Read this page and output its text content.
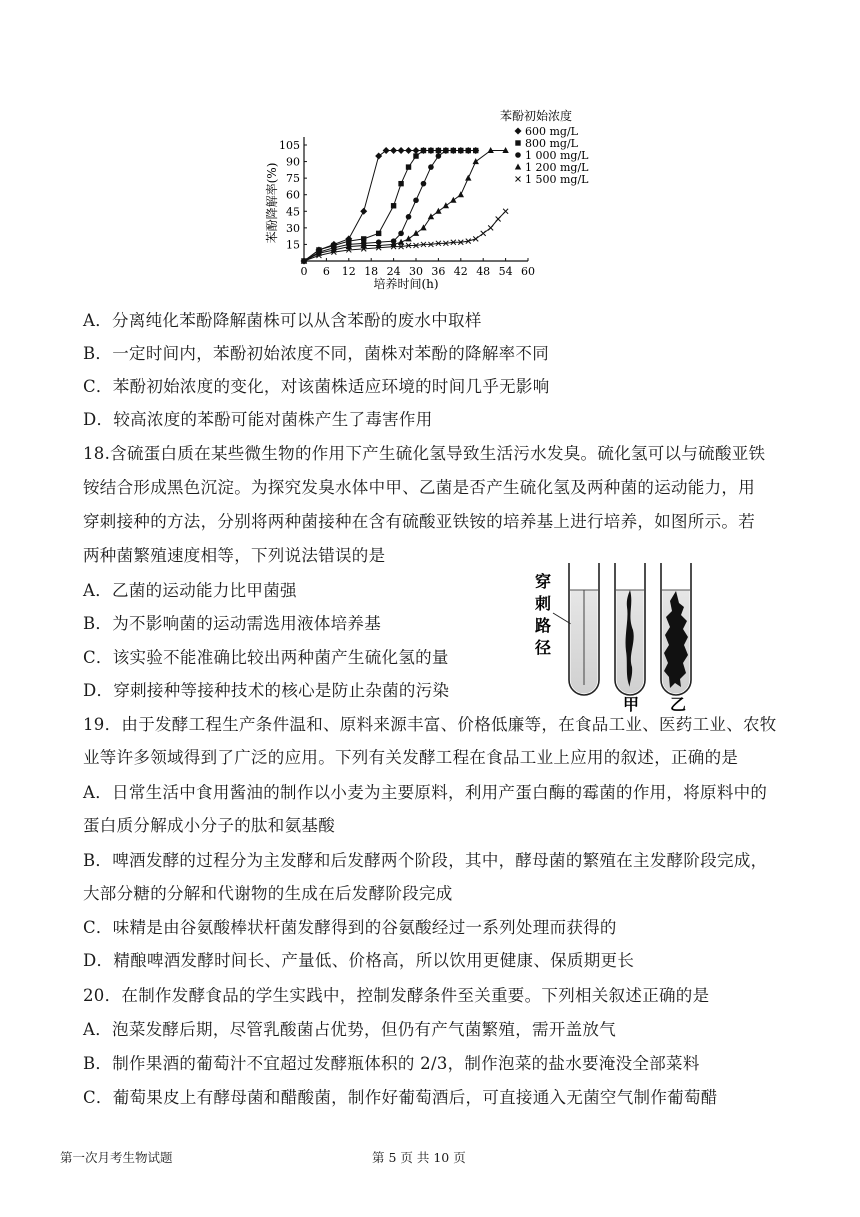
0 6 12 18 24 30 36 42 48 54 60
15
30
45
60
75
90
105
培养时间(h)
苯酚降解率(%)
苯酚初始浓度
600 mg/L
800 mg/L
1 000 mg/L
1 200 mg/L
1 500 mg/L
穿
刺
路
径
甲 乙
A．分离纯化苯酚降解菌株可以从含苯酚的废水中取样
B．一定时间内，苯酚初始浓度不同，菌株对苯酚的降解率不同
C．苯酚初始浓度的变化，对该菌株适应环境的时间几乎无影响
D．较高浓度的苯酚可能对菌株产生了毒害作用
18.含硫蛋白质在某些微生物的作用下产生硫化氢导致生活污水发臭。硫化氢可以与硫酸亚铁
铵结合形成黑色沉淀。为探究发臭水体中甲、乙菌是否产生硫化氢及两种菌的运动能力，用
穿刺接种的方法，分别将两种菌接种在含有硫酸亚铁铵的培养基上进行培养，如图所示。若
两种菌繁殖速度相等，下列说法错误的是
A．乙菌的运动能力比甲菌强
B．为不影响菌的运动需选用液体培养基
C．该实验不能准确比较出两种菌产生硫化氢的量
D．穿刺接种等接种技术的核心是防止杂菌的污染
19．由于发酵工程生产条件温和、原料来源丰富、价格低廉等，在食品工业、医药工业、农牧
业等许多领域得到了广泛的应用。下列有关发酵工程在食品工业上应用的叙述，正确的是
A．日常生活中食用酱油的制作以小麦为主要原料，利用产蛋白酶的霉菌的作用，将原料中的
蛋白质分解成小分子的肽和氨基酸
B．啤酒发酵的过程分为主发酵和后发酵两个阶段，其中，酵母菌的繁殖在主发酵阶段完成，
大部分糖的分解和代谢物的生成在后发酵阶段完成
C．味精是由谷氨酸棒状杆菌发酵得到的谷氨酸经过一系列处理而获得的
D．精酿啤酒发酵时间长、产量低、价格高，所以饮用更健康、保质期更长
20．在制作发酵食品的学生实践中，控制发酵条件至关重要。下列相关叙述正确的是
A．泡菜发酵后期，尽管乳酸菌占优势，但仍有产气菌繁殖，需开盖放气
B．制作果酒的葡萄汁不宜超过发酵瓶体积的 2/3，制作泡菜的盐水要淹没全部菜料
C．葡萄果皮上有酵母菌和醋酸菌，制作好葡萄酒后，可直接通入无菌空气制作葡萄醋
第一次月考生物试题	第 5 页 共 10 页
